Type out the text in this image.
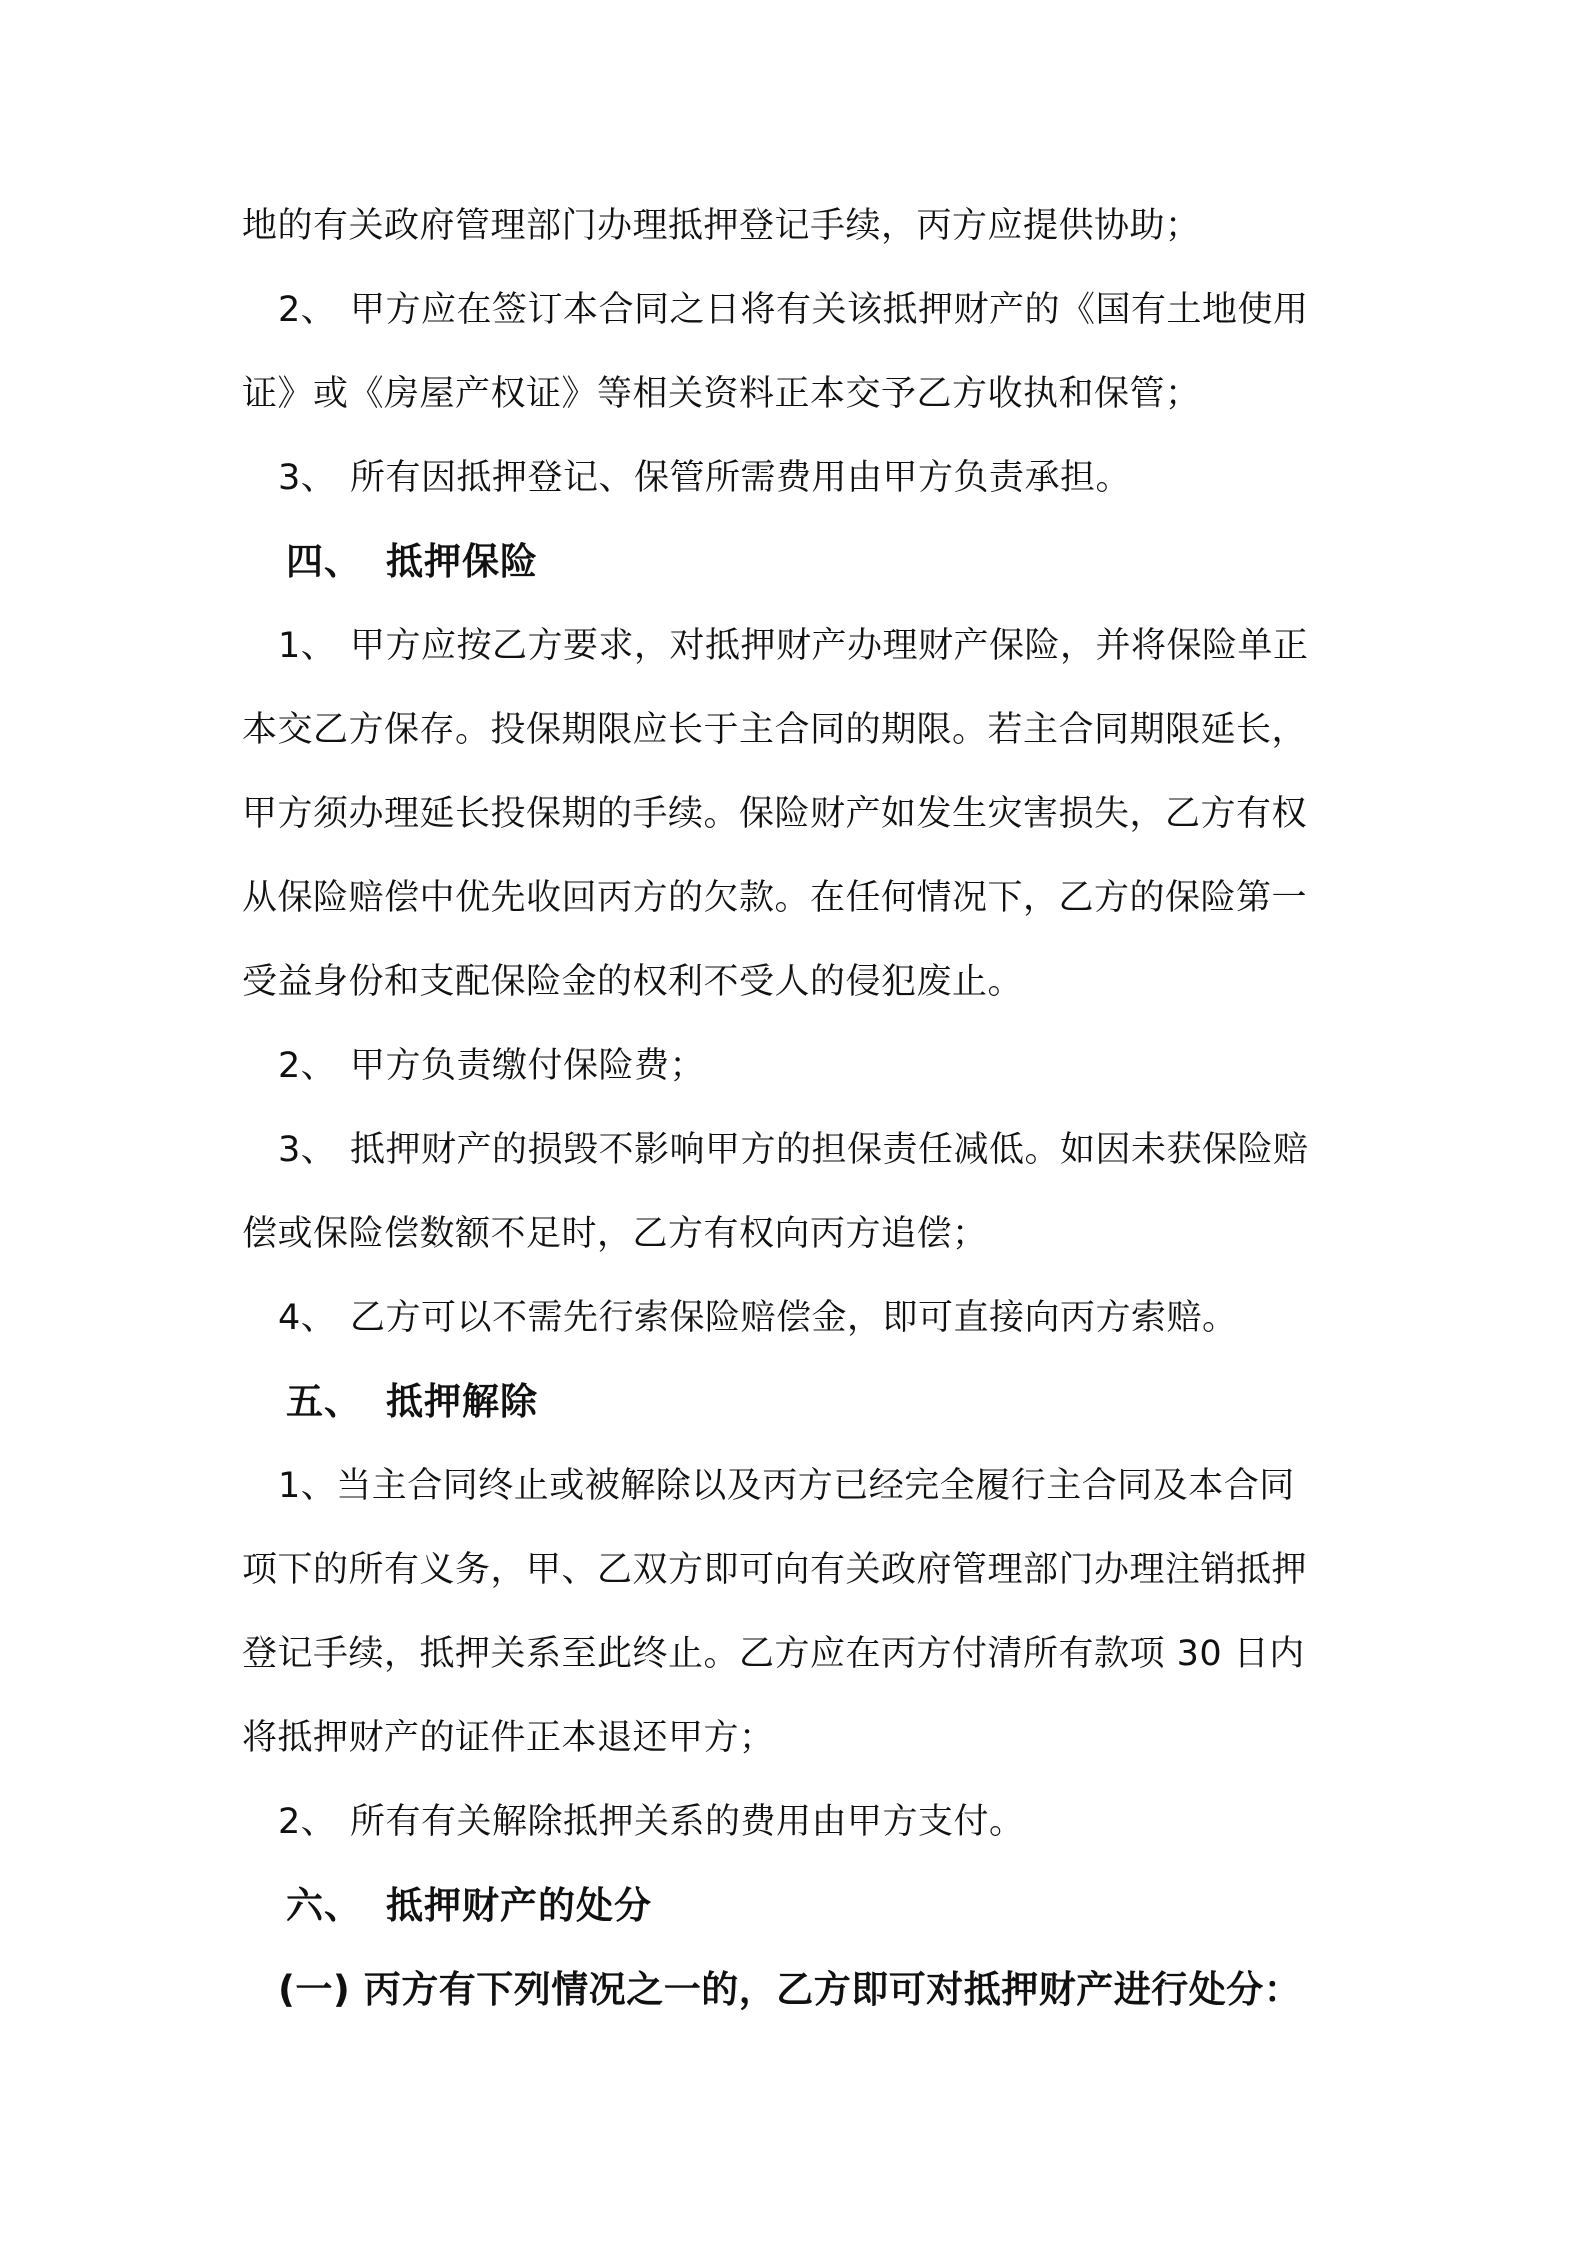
地的有关政府管理部门办理抵押登记手续，丙方应提供协助；
2、 甲方应在签订本合同之日将有关该抵押财产的《国有土地使用
证》或《房屋产权证》等相关资料正本交予乙方收执和保管；
3、 所有因抵押登记、保管所需费用由甲方负责承担。
四、 抵押保险
1、 甲方应按乙方要求，对抵押财产办理财产保险，并将保险单正
本交乙方保存。投保期限应长于主合同的期限。若主合同期限延长，
甲方须办理延长投保期的手续。保险财产如发生灾害损失，乙方有权
从保险赔偿中优先收回丙方的欠款。在任何情况下，乙方的保险第一
受益身份和支配保险金的权利不受人的侵犯废止。
2、 甲方负责缴付保险费；
3、 抵押财产的损毁不影响甲方的担保责任减低。如因未获保险赔
偿或保险偿数额不足时，乙方有权向丙方追偿；
4、 乙方可以不需先行索保险赔偿金，即可直接向丙方索赔。
五、 抵押解除
1、当主合同终止或被解除以及丙方已经完全履行主合同及本合同
项下的所有义务，甲、乙双方即可向有关政府管理部门办理注销抵押
登记手续，抵押关系至此终止。乙方应在丙方付清所有款项 30 日内
将抵押财产的证件正本退还甲方；
2、 所有有关解除抵押关系的费用由甲方支付。
六、 抵押财产的处分
(一) 丙方有下列情况之一的，乙方即可对抵押财产进行处分：
